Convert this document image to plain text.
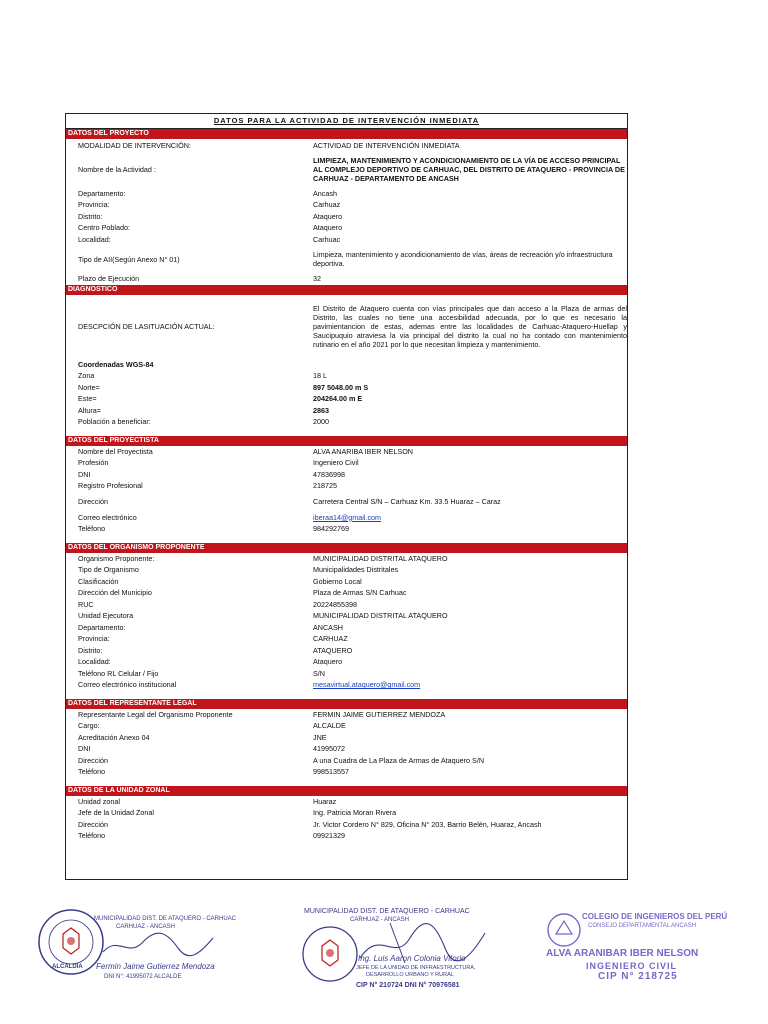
DATOS PARA LA ACTIVIDAD DE INTERVENCIÓN INMEDIATA
DATOS DEL PROYECTO
MODALIDAD DE INTERVENCIÓN:	ACTIVIDAD DE INTERVENCIÓN INMEDIATA
Nombre de la Actividad :
LIMPIEZA, MANTENIMIENTO Y ACONDICIONAMIENTO DE LA VÍA DE ACCESO PRINCIPAL AL COMPLEJO DEPORTIVO DE CARHUAC, DEL DISTRITO DE ATAQUERO - PROVINCIA DE CARHUAZ - DEPARTAMENTO DE ANCASH
Departamento:	Ancash
Provincia:	Carhuaz
Distrito:	Ataquero
Centro Poblado:	Ataquero
Localidad:	Carhuac
Tipo de AII(Según Anexo N° 01)	Limpieza, mantenimiento y acondicionamiento de vías, áreas de recreación y/o infraestructura deportiva.
Plazo de Ejecución	32
DIAGNOSTICO
DESCPCIÓN DE LASITUACIÓN ACTUAL:
El Distrito de Ataquero cuenta con vías principales que dan acceso a la Plaza de armas del Distrito, las cuales no tiene una accesibilidad adecuada, por lo que es necesario la pavimientancion de estas, ademas entre las localidades de Carhuac-Ataquero-Huellap y Saucipuquio atraviesa la via principal del distrito la cual no ha contado con mantenimiento rutinario en el año 2021 por lo que necesitan limpieza y mantenimiento.
Coordenadas WGS-84
Zona	18 L
Norte=	897 5048.00 m S
Este=	204264.00 m E
Altura=	2863
Población a beneficiar:	2000
DATOS DEL PROYECTISTA
Nombre del Proyectista	ALVA ANARIBA IBER NELSON
Profesión	Ingeniero Civil
DNI	47836998
Registro Profesional	218725
Dirección	Carretera Central S/N – Carhuaz Km. 33.5 Huaraz – Caraz
Correo electrónico	iberaa14@gmail.com
Teléfono	984292769
DATOS DEL ORGANISMO PROPONENTE
Organismo Proponente:	MUNICIPALIDAD DISTRITAL ATAQUERO
Tipo de Organismo	Municipalidades Distritales
Clasificación	Gobierno Local
Dirección del Municipio	Plaza de Armas S/N Carhuac
RUC	20224855398
Unidad Ejecutora	MUNICIPALIDAD DISTRITAL ATAQUERO
Departamento:	ANCASH
Provincia:	CARHUAZ
Distrito:	ATAQUERO
Localidad:	Ataquero
Teléfono RL Celular / Fijo	S/N
Correo electrónico institucional	mesavirtual.ataquero@gmail.com
DATOS DEL REPRESENTANTE LEGAL
Representante Legal del Organismo Proponente	FERMIN JAIME GUTIERREZ MENDOZA
Cargo:	ALCALDE
Acreditación Anexo 04	JNE
DNI	41995072
Dirección	A una Cuadra de La Plaza de Armas de Ataquero S/N
Teléfono	998513557
DATOS DE LA UNIDAD ZONAL
Unidad zonal	Huaraz
Jefe de la Unidad Zonal	Ing. Patricia Moran Rivera
Dirección	Jr. Victor Cordero N° 829, Oficina N° 203, Barrio Belén, Huaraz, Ancash
Teléfono	09921329
ALCALDIA
MUNICIPALIDAD DIST. DE ATAQUERO - CARHUAC
CARHUAZ - ANCASH
Fermin Jaime Gutierrez Mendoza
DNI N°: 41995072 ALCALDE
MUNICIPALIDAD DIST. DE ATAQUERO - CARHUAC
CARHUAZ - ANCASH
Ing. Luis Aaron Colonia Vitorio
JEFE DE LA UNIDAD DE INFRAESTRUCTURA,
DESARROLLO URBANO Y RURAL
CIP N° 210724 DNI N° 70976581
COLEGIO DE INGENIEROS DEL PERÚ
CONSEJO DEPARTAMENTAL ANCASH
ALVA ARANIBAR IBER NELSON
INGENIERO CIVIL
CIP N° 218725
